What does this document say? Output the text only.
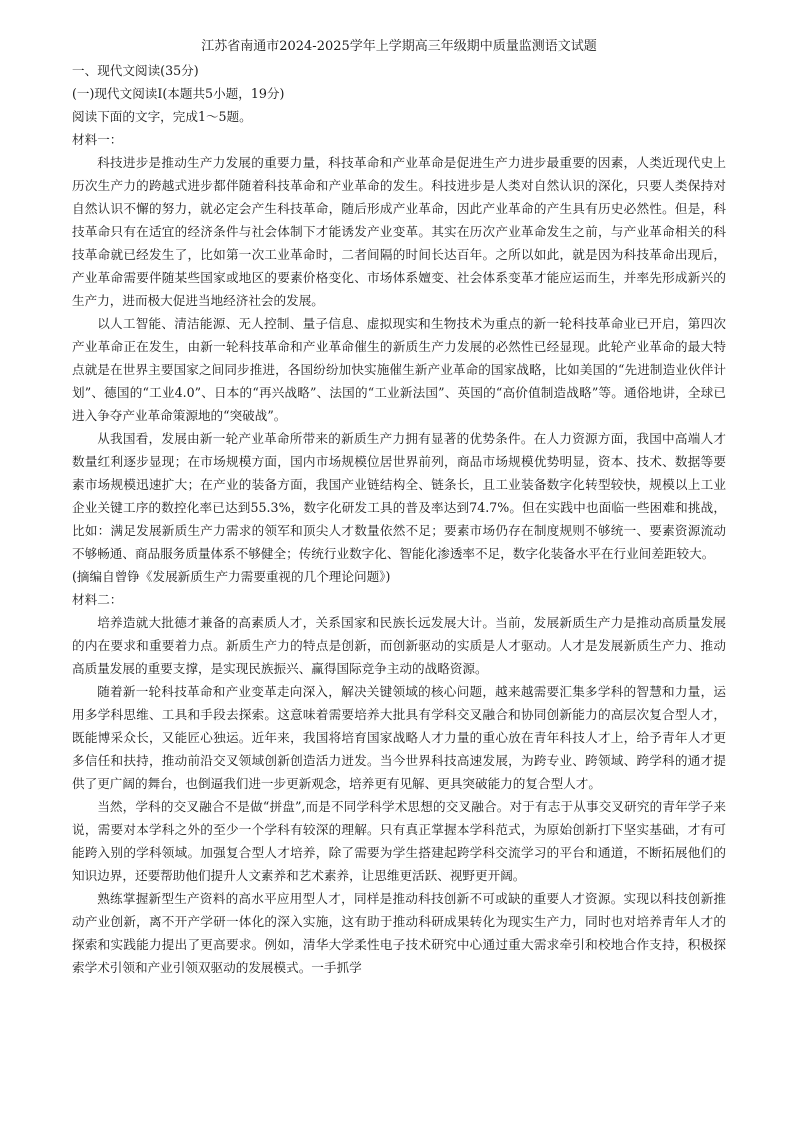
江苏省南通市2024-2025学年上学期高三年级期中质量监测语文试题
一、现代文阅读(35分)
(一)现代文阅读Ⅰ(本题共5小题，19分)
阅读下面的文字，完成1～5题。
材料一：

科技进步是推动生产力发展的重要力量，科技革命和产业革命是促进生产力进步最重要的因素，人类近现代史上历次生产力的跨越式进步都伴随着科技革命和产业革命的发生。科技进步是人类对自然认识的深化，只要人类保持对自然认识不懈的努力，就必定会产生科技革命，随后形成产业革命，因此产业革命的产生具有历史必然性。但是，科技革命只有在适宜的经济条件与社会体制下才能诱发产业变革。其实在历次产业革命发生之前，与产业革命相关的科技革命就已经发生了，比如第一次工业革命时，二者间隔的时间长达百年。之所以如此，就是因为科技革命出现后，产业革命需要伴随某些国家或地区的要素价格变化、市场体系嬗变、社会体系变革才能应运而生，并率先形成新兴的生产力，进而极大促进当地经济社会的发展。

以人工智能、清洁能源、无人控制、量子信息、虚拟现实和生物技术为重点的新一轮科技革命业已开启，第四次产业革命正在发生，由新一轮科技革命和产业革命催生的新质生产力发展的必然性已经显现。此轮产业革命的最大特点就是在世界主要国家之间同步推进，各国纷纷加快实施催生新产业革命的国家战略，比如美国的“先进制造业伙伴计划”、德国的“工业4.0”、日本的“再兴战略”、法国的“工业新法国”、英国的“高价值制造战略”等。通俗地讲，全球已进入争夺产业革命策源地的“突破战”。

从我国看，发展由新一轮产业革命所带来的新质生产力拥有显著的优势条件。在人力资源方面，我国中高端人才数量红利逐步显现；在市场规模方面，国内市场规模位居世界前列，商品市场规模优势明显，资本、技术、数据等要素市场规模迅速扩大；在产业的装备方面，我国产业链结构全、链条长，且工业装备数字化转型较快，规模以上工业企业关键工序的数控化率已达到55.3%，数字化研发工具的普及率达到74.7%。但在实践中也面临一些困难和挑战，比如：满足发展新质生产力需求的领军和顶尖人才数量依然不足；要素市场仍存在制度规则不够统一、要素资源流动不够畅通、商品服务质量体系不够健全；传统行业数字化、智能化渗透率不足，数字化装备水平在行业间差距较大。

(摘编自曾铮《发展新质生产力需要重视的几个理论问题》)
材料二：

培养造就大批德才兼备的高素质人才，关系国家和民族长远发展大计。当前，发展新质生产力是推动高质量发展的内在要求和重要着力点。新质生产力的特点是创新，而创新驱动的实质是人才驱动。人才是发展新质生产力、推动高质量发展的重要支撑，是实现民族振兴、赢得国际竞争主动的战略资源。

随着新一轮科技革命和产业变革走向深入，解决关键领域的核心问题，越来越需要汇集多学科的智慧和力量，运用多学科思维、工具和手段去探索。这意味着需要培养大批具有学科交叉融合和协同创新能力的高层次复合型人才，既能博采众长，又能匠心独运。近年来，我国将培育国家战略人才力量的重心放在青年科技人才上，给予青年人才更多信任和扶持，推动前沿交叉领域创新创造活力迸发。当今世界科技高速发展，为跨专业、跨领域、跨学科的通才提供了更广阔的舞台，也倒逼我们进一步更新观念，培养更有见解、更具突破能力的复合型人才。

当然，学科的交叉融合不是做“拼盘”,而是不同学科学术思想的交叉融合。对于有志于从事交叉研究的青年学子来说，需要对本学科之外的至少一个学科有较深的理解。只有真正掌握本学科范式，为原始创新打下坚实基础，才有可能跨入别的学科领域。加强复合型人才培养，除了需要为学生搭建起跨学科交流学习的平台和通道，不断拓展他们的知识边界，还要帮助他们提升人文素养和艺术素养，让思维更活跃、视野更开阔。

熟练掌握新型生产资料的高水平应用型人才，同样是推动科技创新不可或缺的重要人才资源。实现以科技创新推动产业创新，离不开产学研一体化的深入实施，这有助于推动科研成果转化为现实生产力，同时也对培养青年人才的探索和实践能力提出了更高要求。例如，清华大学柔性电子技术研究中心通过重大需求牵引和校地合作支持，积极探索学术引领和产业引领双驱动的发展模式。一手抓学
